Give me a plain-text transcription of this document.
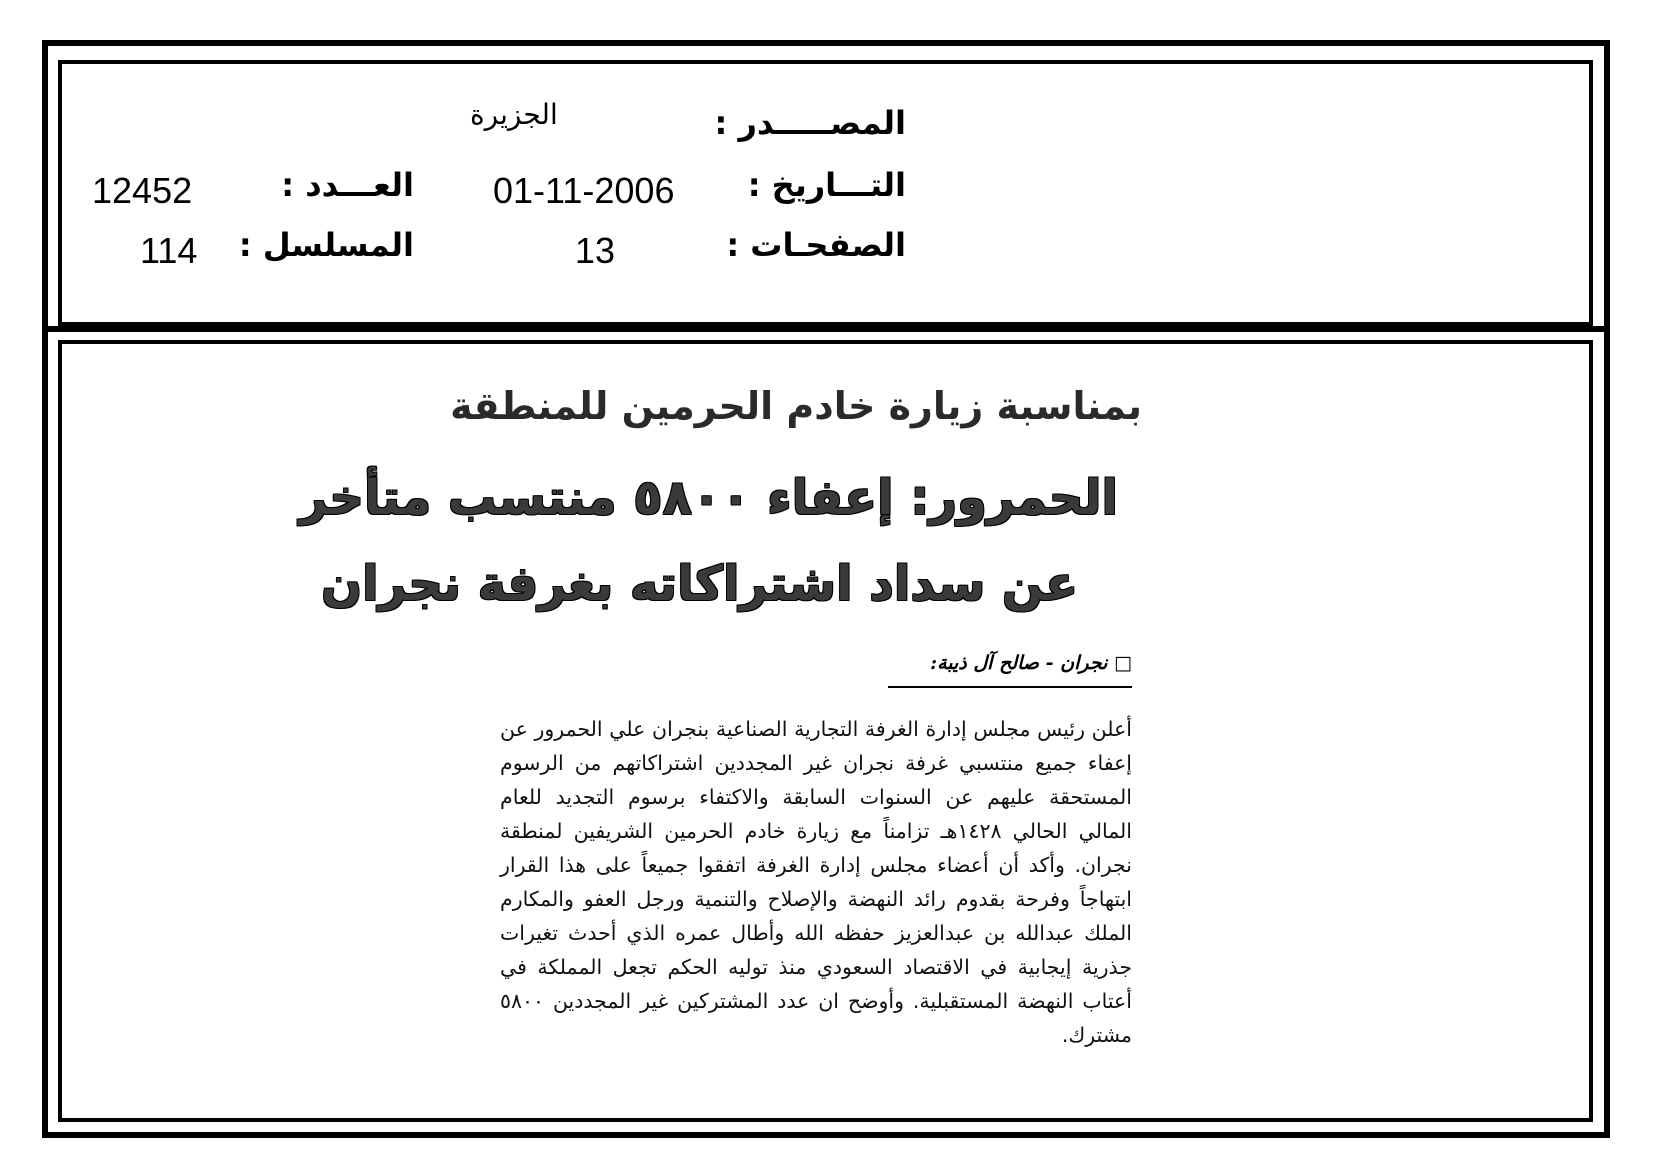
المصـــــدر :
الجزيرة
التـــاريخ :
01-11-2006
الصفحـات :
13
العـــدد :
12452
المسلسل :
114
بمناسبة زيارة خادم الحرمين للمنطقة
الحمرور: إعفاء ٥٨٠٠ منتسب متأخر
عن سداد اشتراكاته بغرفة نجران
□ نجران - صالح آل ذيبة:
أعلن رئيس مجلس إدارة الغرفة التجارية الصناعية بنجران علي الحمرور عن إعفاء جميع منتسبي غرفة نجران غير المجددين اشتراكاتهم من الرسوم المستحقة عليهم عن السنوات السابقة والاكتفاء برسوم التجديد للعام المالي الحالي ١٤٢٨هـ تزامناً مع زيارة خادم الحرمين الشريفين لمنطقة نجران. وأكد أن أعضاء مجلس إدارة الغرفة اتفقوا جميعاً على هذا القرار ابتهاجاً وفرحة بقدوم رائد النهضة والإصلاح والتنمية ورجل العفو والمكارم الملك عبدالله بن عبدالعزيز حفظه الله وأطال عمره الذي أحدث تغيرات جذرية إيجابية في الاقتصاد السعودي منذ توليه الحكم تجعل المملكة في أعتاب النهضة المستقبلية. وأوضح ان عدد المشتركين غير المجددين ٥٨٠٠ مشترك.
